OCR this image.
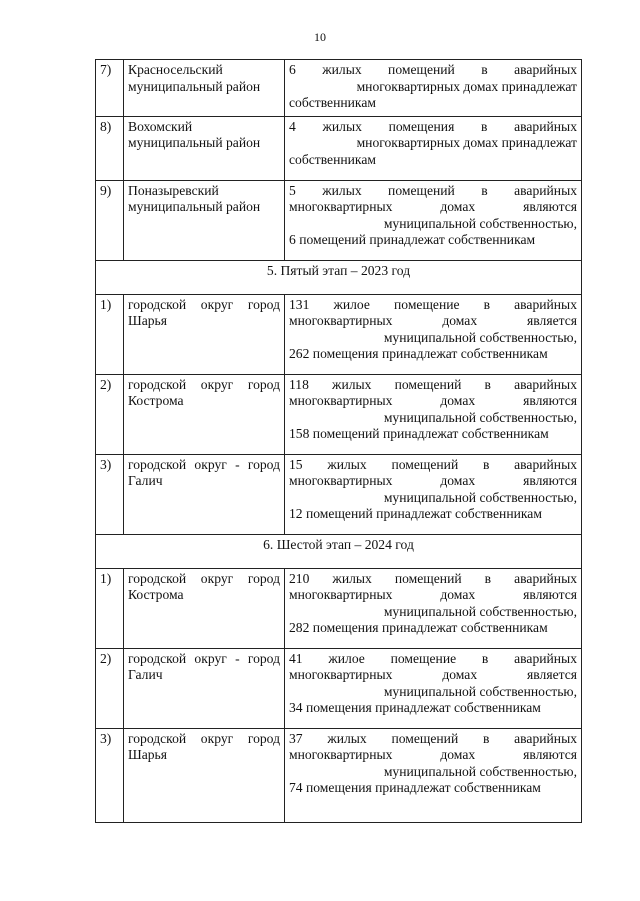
10
7)	Красносельский муниципальный район	6 жилых помещений в аварийных многоквартирных домах принадлежат
собственникам

8)	Вохомский муниципальный район	4 жилых помещения в аварийных многоквартирных домах принадлежат
собственникам

9)	Поназыревский муниципальный район	5 жилых помещений в аварийных многоквартирных домах являются муниципальной собственностью,
6 помещений принадлежат собственникам

5. Пятый этап – 2023 год		
1)	городской округ город Шарья	131 жилое помещение в аварийных многоквартирных домах является муниципальной собственностью,
262 помещения принадлежат собственникам

2)	городской округ город Кострома	118 жилых помещений в аварийных многоквартирных домах являются муниципальной собственностью,
158 помещений принадлежат собственникам

3)	городской округ - город Галич	15 жилых помещений в аварийных многоквартирных домах являются муниципальной собственностью,
12 помещений принадлежат собственникам

6. Шестой этап – 2024 год		
1)	городской округ город Кострома	210 жилых помещений в аварийных многоквартирных домах являются муниципальной собственностью,
282 помещения принадлежат собственникам

2)	городской округ - город Галич	41 жилое помещение в аварийных многоквартирных домах является муниципальной собственностью,
34 помещения принадлежат собственникам

3)	городской округ город Шарья	37 жилых помещений в аварийных многоквартирных домах являются муниципальной собственностью,
74 помещения принадлежат собственникам
